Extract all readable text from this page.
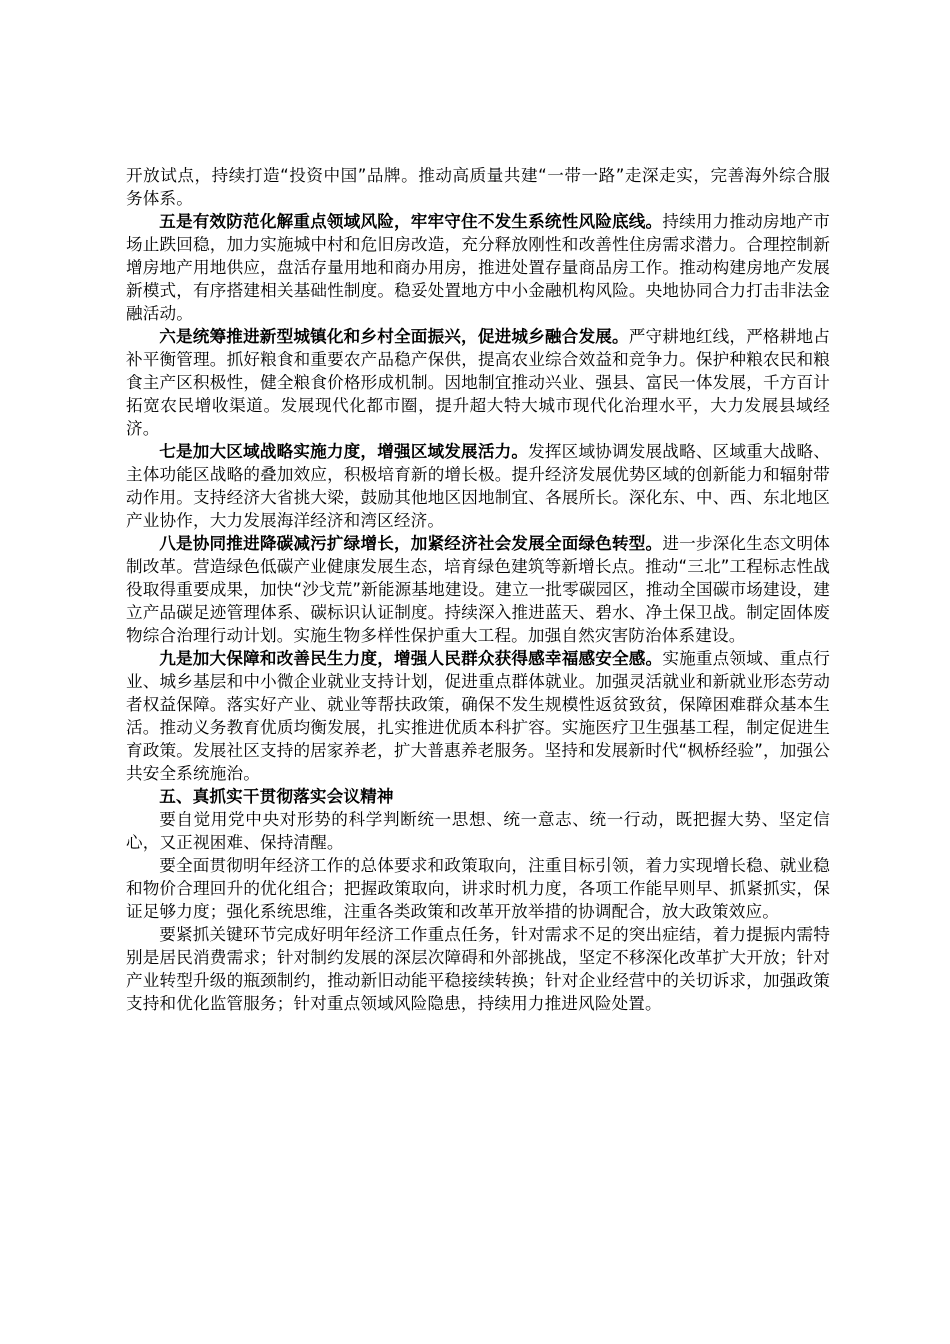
开放试点，持续打造“投资中国”品牌。推动高质量共建“一带一路”走深走实，完善海外综合服务体系。

五是有效防范化解重点领域风险，牢牢守住不发生系统性风险底线。持续用力推动房地产市场止跌回稳，加力实施城中村和危旧房改造，充分释放刚性和改善性住房需求潜力。合理控制新增房地产用地供应，盘活存量用地和商办用房，推进处置存量商品房工作。推动构建房地产发展新模式，有序搭建相关基础性制度。稳妥处置地方中小金融机构风险。央地协同合力打击非法金融活动。

六是统筹推进新型城镇化和乡村全面振兴，促进城乡融合发展。严守耕地红线，严格耕地占补平衡管理。抓好粮食和重要农产品稳产保供，提高农业综合效益和竞争力。保护种粮农民和粮食主产区积极性，健全粮食价格形成机制。因地制宜推动兴业、强县、富民一体发展，千方百计拓宽农民增收渠道。发展现代化都市圈，提升超大特大城市现代化治理水平，大力发展县域经济。

七是加大区域战略实施力度，增强区域发展活力。发挥区域协调发展战略、区域重大战略、主体功能区战略的叠加效应，积极培育新的增长极。提升经济发展优势区域的创新能力和辐射带动作用。支持经济大省挑大梁，鼓励其他地区因地制宜、各展所长。深化东、中、西、东北地区产业协作，大力发展海洋经济和湾区经济。

八是协同推进降碳减污扩绿增长，加紧经济社会发展全面绿色转型。进一步深化生态文明体制改革。营造绿色低碳产业健康发展生态，培育绿色建筑等新增长点。推动“三北”工程标志性战役取得重要成果，加快“沙戈荒”新能源基地建设。建立一批零碳园区，推动全国碳市场建设，建立产品碳足迹管理体系、碳标识认证制度。持续深入推进蓝天、碧水、净土保卫战。制定固体废物综合治理行动计划。实施生物多样性保护重大工程。加强自然灾害防治体系建设。

九是加大保障和改善民生力度，增强人民群众获得感幸福感安全感。实施重点领域、重点行业、城乡基层和中小微企业就业支持计划，促进重点群体就业。加强灵活就业和新就业形态劳动者权益保障。落实好产业、就业等帮扶政策，确保不发生规模性返贫致贫，保障困难群众基本生活。推动义务教育优质均衡发展，扎实推进优质本科扩容。实施医疗卫生强基工程，制定促进生育政策。发展社区支持的居家养老，扩大普惠养老服务。坚持和发展新时代“枫桥经验”，加强公共安全系统施治。

五、真抓实干贯彻落实会议精神

要自觉用党中央对形势的科学判断统一思想、统一意志、统一行动，既把握大势、坚定信心，又正视困难、保持清醒。

要全面贯彻明年经济工作的总体要求和政策取向，注重目标引领，着力实现增长稳、就业稳和物价合理回升的优化组合；把握政策取向，讲求时机力度，各项工作能早则早、抓紧抓实，保证足够力度；强化系统思维，注重各类政策和改革开放举措的协调配合，放大政策效应。

要紧抓关键环节完成好明年经济工作重点任务，针对需求不足的突出症结，着力提振内需特别是居民消费需求；针对制约发展的深层次障碍和外部挑战，坚定不移深化改革扩大开放；针对产业转型升级的瓶颈制约，推动新旧动能平稳接续转换；针对企业经营中的关切诉求，加强政策支持和优化监管服务；针对重点领域风险隐患，持续用力推进风险处置。
